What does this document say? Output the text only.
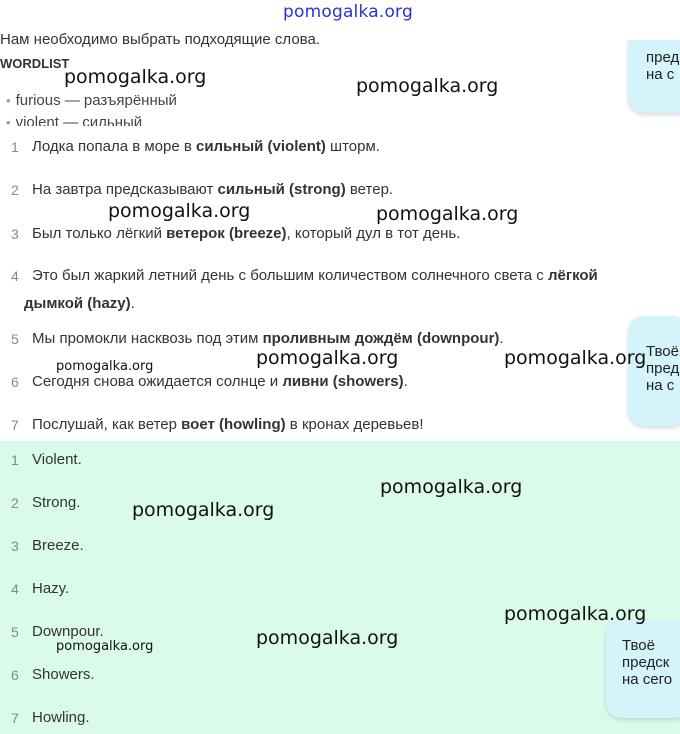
pomogalka.org
Нам необходимо выбрать подходящие слова.
WORDLIST
• furious — разъярённый
• violent — сильный
1 Лодка попала в море в сильный (violent) шторм.
2 На завтра предсказывают сильный (strong) ветер.
3 Был только лёгкий ветерок (breeze), который дул в тот день.
4 Это был жаркий летний день с большим количеством солнечного света с лёгкой
дымкой (hazy).
5 Мы промокли насквозь под этим проливным дождём (downpour).
6 Сегодня снова ожидается солнце и ливни (showers).
7 Послушай, как ветер воет (howling) в кронах деревьев!
1 Violent.
2 Strong.
3 Breeze.
4 Hazy.
5 Downpour.
6 Showers.
7 Howling.
пред
на с
Твоё
пред
на с
Твоё
предск
на сего
pomogalka.org	pomogalka.org
pomogalka.org	pomogalka.org
pomogalka.org	pomogalka.org	pomogalka.org
pomogalka.org
pomogalka.org
pomogalka.org
pomogalka.org
pomogalka.org
